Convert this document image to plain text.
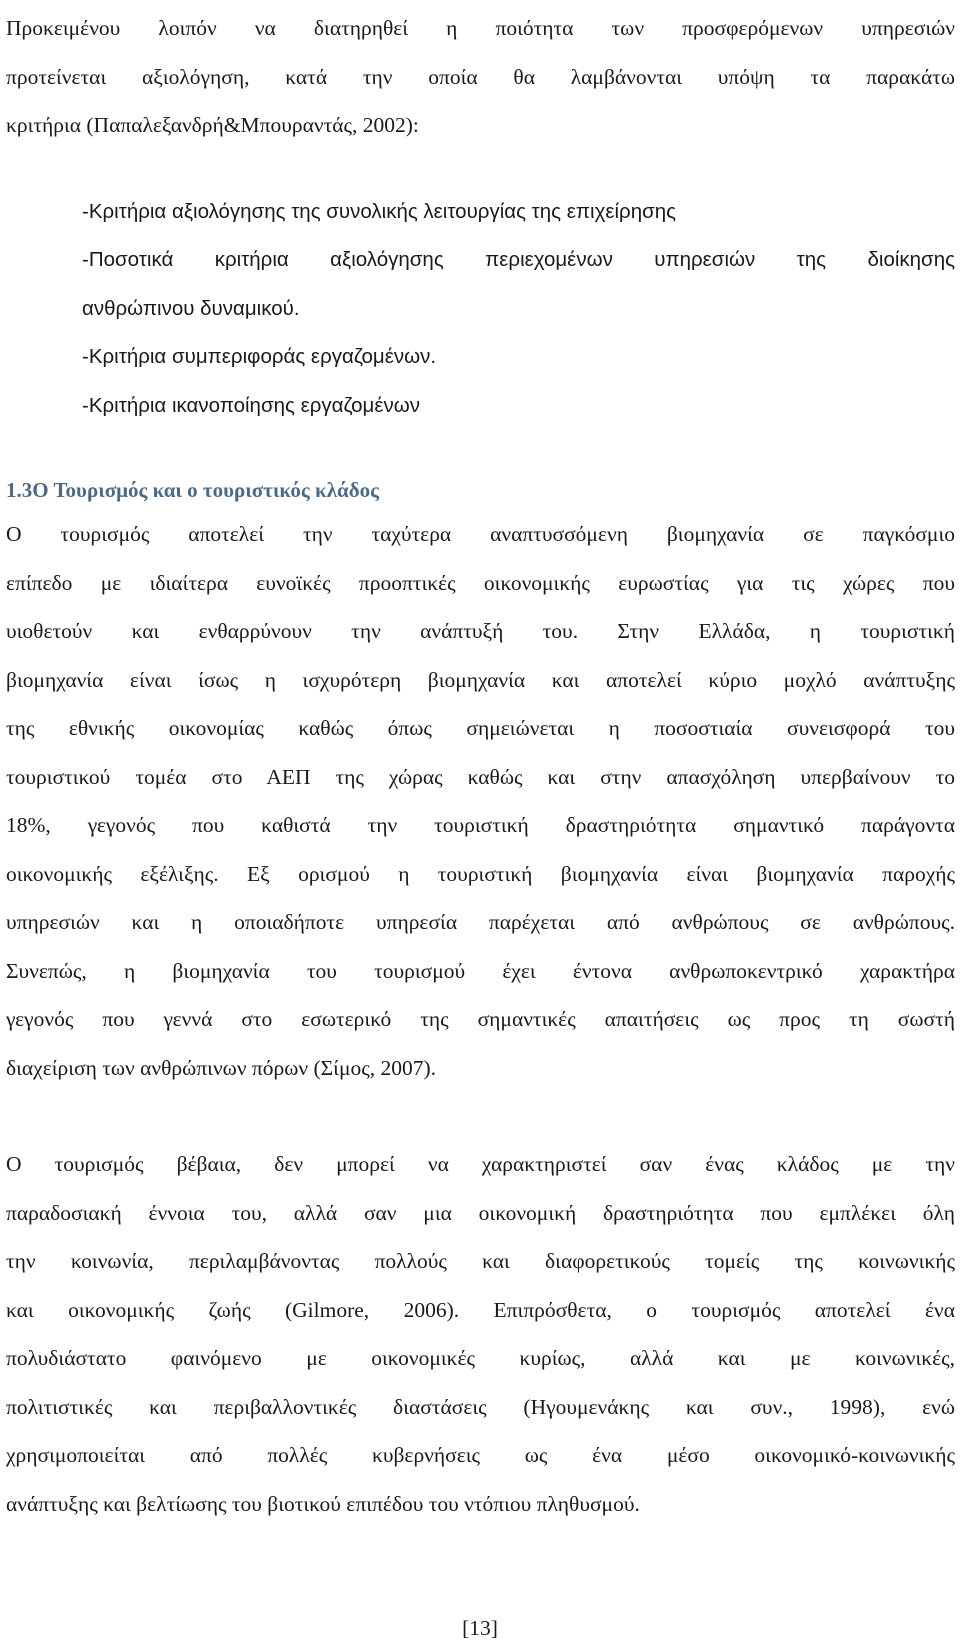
Προκειμένου λοιπόν να διατηρηθεί η ποιότητα των προσφερόμενων υπηρεσιών
προτείνεται αξιολόγηση, κατά την οποία θα λαμβάνονται υπόψη τα παρακάτω
κριτήρια (Παπαλεξανδρή&Μπουραντάς, 2002):
-Κριτήρια αξιολόγησης της συνολικής λειτουργίας της επιχείρησης
-Ποσοτικά κριτήρια αξιολόγησης περιεχομένων υπηρεσιών της διοίκησης
ανθρώπινου δυναμικού.
-Κριτήρια συμπεριφοράς εργαζομένων.
-Κριτήρια ικανοποίησης εργαζομένων
1.3Ο Τουρισμός και ο τουριστικός κλάδος
Ο τουρισμός αποτελεί την ταχύτερα αναπτυσσόμενη βιομηχανία σε παγκόσμιο
επίπεδο με ιδιαίτερα ευνοϊκές προοπτικές οικονομικής ευρωστίας για τις χώρες που
υιοθετούν και ενθαρρύνουν την ανάπτυξή του. Στην Ελλάδα, η τουριστική
βιομηχανία είναι ίσως η ισχυρότερη βιομηχανία και αποτελεί κύριο μοχλό ανάπτυξης
της εθνικής οικονομίας καθώς όπως σημειώνεται η ποσοστιαία συνεισφορά του
τουριστικού τομέα στο ΑΕΠ της χώρας καθώς και στην απασχόληση υπερβαίνουν το
18%, γεγονός που καθιστά την τουριστική δραστηριότητα σημαντικό παράγοντα
οικονομικής εξέλιξης. Εξ ορισμού η τουριστική βιομηχανία είναι βιομηχανία παροχής
υπηρεσιών και η οποιαδήποτε υπηρεσία παρέχεται από ανθρώπους σε ανθρώπους.
Συνεπώς, η βιομηχανία του τουρισμού έχει έντονα ανθρωποκεντρικό χαρακτήρα
γεγονός που γεννά στο εσωτερικό της σημαντικές απαιτήσεις ως προς τη σωστή
διαχείριση των ανθρώπινων πόρων (Σίμος, 2007).
Ο τουρισμός βέβαια, δεν μπορεί να χαρακτηριστεί σαν ένας κλάδος με την
παραδοσιακή έννοια του, αλλά σαν μια οικονομική δραστηριότητα που εμπλέκει όλη
την κοινωνία, περιλαμβάνοντας πολλούς και διαφορετικούς τομείς της κοινωνικής
και οικονομικής ζωής (Gilmore, 2006). Επιπρόσθετα, ο τουρισμός αποτελεί ένα
πολυδιάστατο φαινόμενο με οικονομικές κυρίως, αλλά και με κοινωνικές,
πολιτιστικές και περιβαλλοντικές διαστάσεις (Ηγουμενάκης και συν., 1998), ενώ
χρησιμοποιείται από πολλές κυβερνήσεις ως ένα μέσο οικονομικό-κοινωνικής
ανάπτυξης και βελτίωσης του βιοτικού επιπέδου του ντόπιου πληθυσμού.
[13]
